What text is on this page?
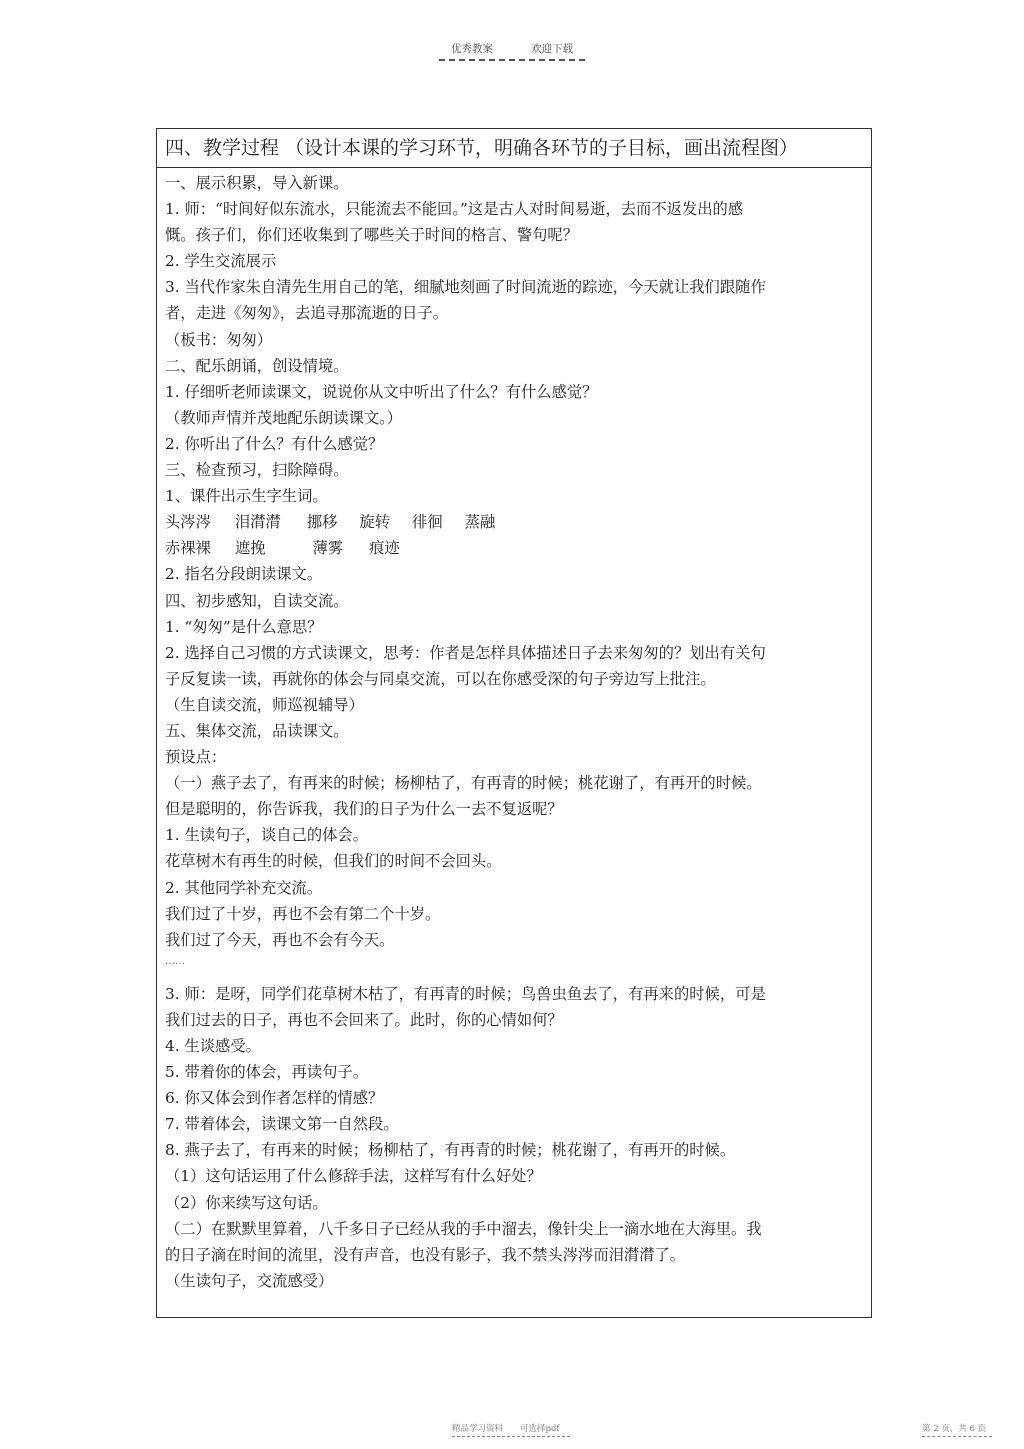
优秀教案	欢迎下载
四、教学过程 （设计本课的学习环节，明确各环节的子目标，画出流程图）
一、展示积累，导入新课。
1. 师：“时间好似东流水，只能流去不能回。”这是古人对时间易逝，去而不返发出的感
慨。孩子们，你们还收集到了哪些关于时间的格言、警句呢？
2. 学生交流展示
3. 当代作家朱自清先生用自己的笔，细腻地刻画了时间流逝的踪迹，今天就让我们跟随作
者，走进《匆匆》，去追寻那流逝的日子。
（板书：匆匆）
二、配乐朗诵，创设情境。
1. 仔细听老师读课文，说说你从文中听出了什么？有什么感觉？
（教师声情并茂地配乐朗读课文。）
2. 你听出了什么？有什么感觉？
三、检查预习，扫除障碍。
1、课件出示生字生词。
头涔涔 泪潸潸 挪移 旋转 徘徊 蒸融
赤裸裸 遮挽	薄雾 痕迹
2. 指名分段朗读课文。
四、初步感知，自读交流。
1. “匆匆”是什么意思？
2. 选择自己习惯的方式读课文，思考：作者是怎样具体描述日子去来匆匆的？划出有关句
子反复读一读，再就你的体会与同桌交流，可以在你感受深的句子旁边写上批注。
（生自读交流，师巡视辅导）
五、集体交流，品读课文。
预设点：
（一）燕子去了，有再来的时候；杨柳枯了，有再青的时候；桃花谢了，有再开的时候。
但是聪明的，你告诉我，我们的日子为什么一去不复返呢？
1. 生读句子，谈自己的体会。
花草树木有再生的时候，但我们的时间不会回头。
2. 其他同学补充交流。
我们过了十岁，再也不会有第二个十岁。
我们过了今天，再也不会有今天。
……
3. 师：是呀，同学们花草树木枯了，有再青的时候；鸟兽虫鱼去了，有再来的时候，可是
我们过去的日子，再也不会回来了。此时，你的心情如何？
4. 生谈感受。
5. 带着你的体会，再读句子。
6. 你又体会到作者怎样的情感？
7. 带着体会，读课文第一自然段。
8. 燕子去了，有再来的时候；杨柳枯了，有再青的时候；桃花谢了，有再开的时候。
（1）这句话运用了什么修辞手法，这样写有什么好处？
（2）你来续写这句话。
（二）在默默里算着，八千多日子已经从我的手中溜去，像针尖上一滴水地在大海里。我
的日子滴在时间的流里，没有声音，也没有影子，我不禁头涔涔而泪潸潸了。
（生读句子，交流感受）
精品学习资料　　可选择pdf	第 2 页，共 6 页
